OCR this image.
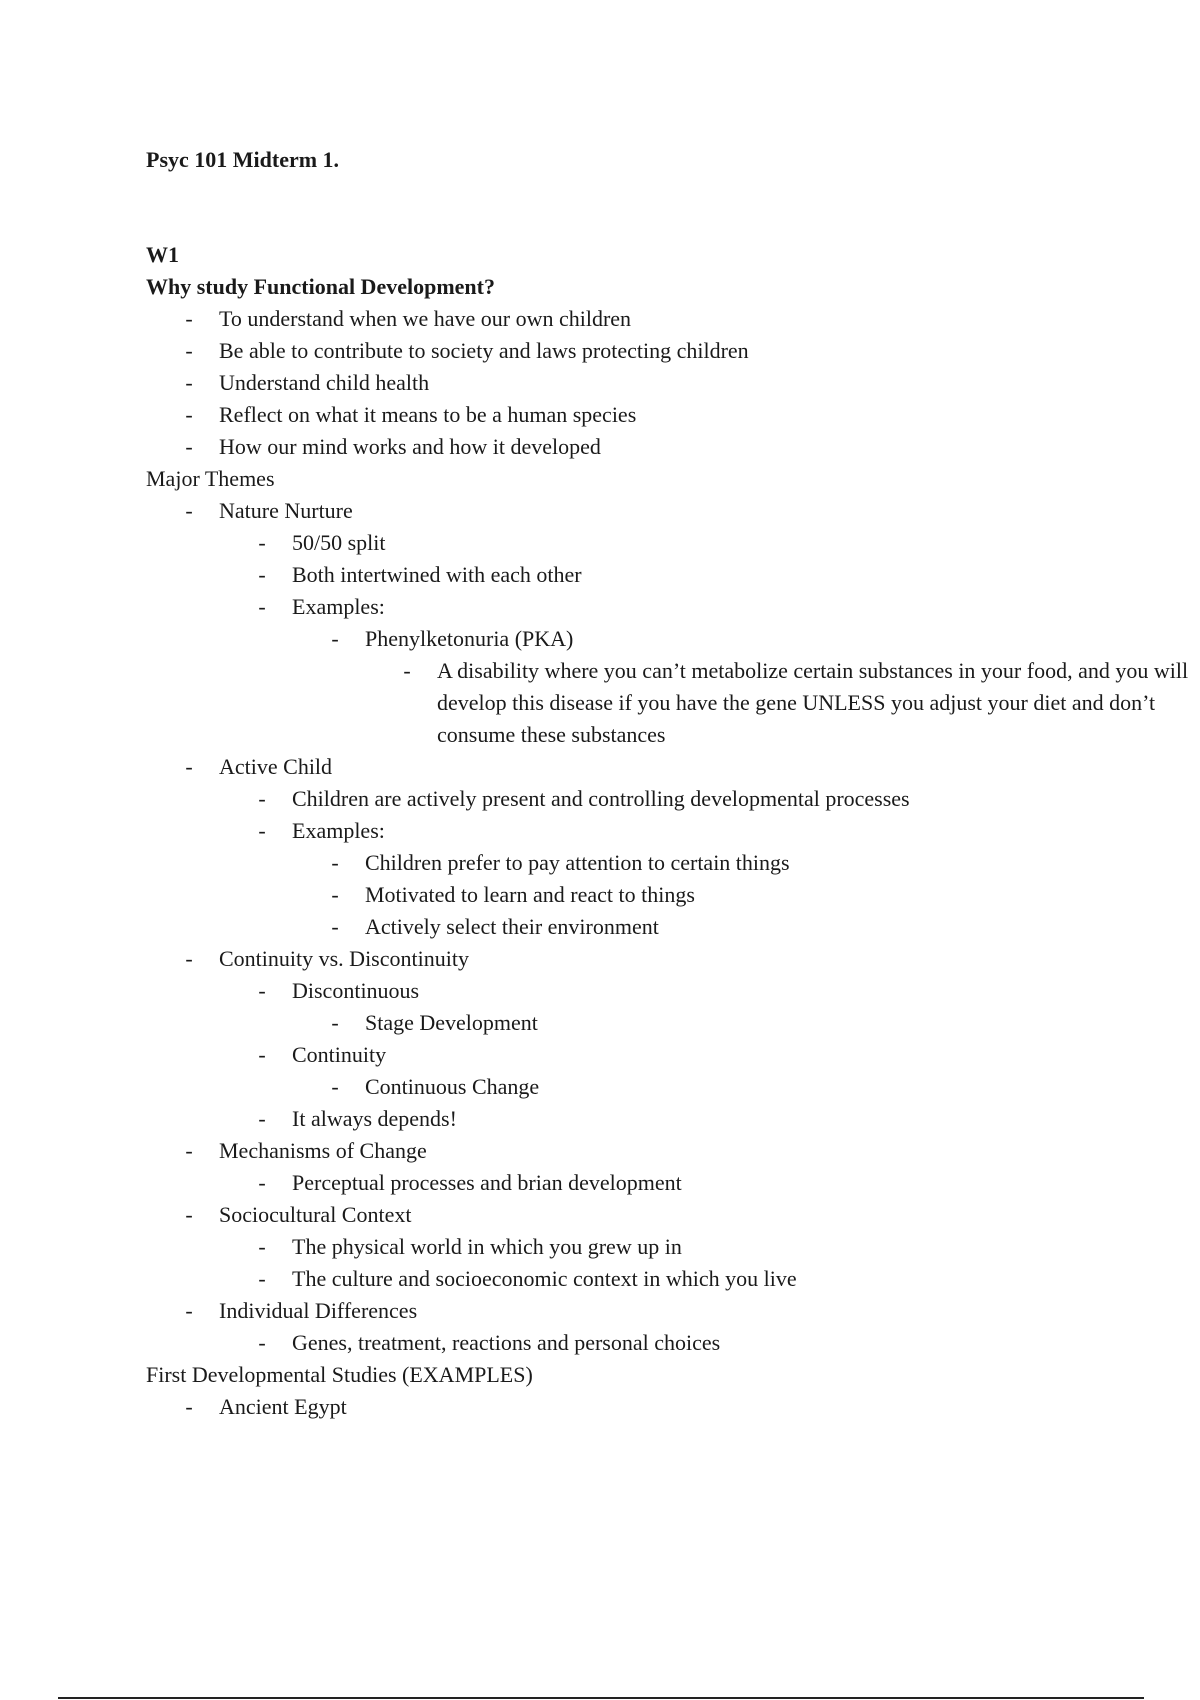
Psyc 101 Midterm 1.
W1
Why study Functional Development?
- To understand when we have our own children
- Be able to contribute to society and laws protecting children
- Understand child health
- Reflect on what it means to be a human species
- How our mind works and how it developed
Major Themes
- Nature Nurture
- 50/50 split
- Both intertwined with each other
- Examples:
- Phenylketonuria (PKA)
- A disability where you can’t metabolize certain substances in your food, and you will develop this disease if you have the gene UNLESS you adjust your diet and don’t consume these substances
- Active Child
- Children are actively present and controlling developmental processes
- Examples:
- Children prefer to pay attention to certain things
- Motivated to learn and react to things
- Actively select their environment
- Continuity vs. Discontinuity
- Discontinuous
- Stage Development
- Continuity
- Continuous Change
- It always depends!
- Mechanisms of Change
- Perceptual processes and brian development
- Sociocultural Context
- The physical world in which you grew up in
- The culture and socioeconomic context in which you live
- Individual Differences
- Genes, treatment, reactions and personal choices
First Developmental Studies (EXAMPLES)
- Ancient Egypt
